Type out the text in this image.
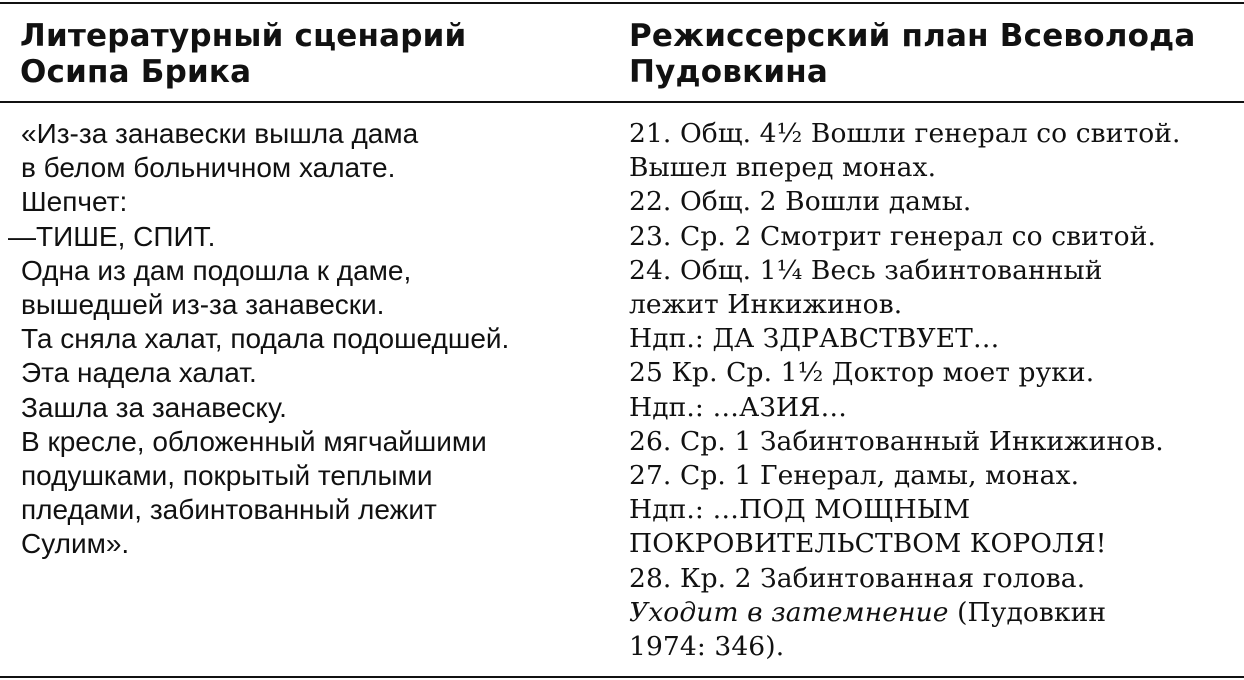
Литературный сценарий
Осипа Брика
Режиссерский план Всеволода
Пудовкина
«Из-за занавески вышла дама
в белом больничном халате.
Шепчет:
—ТИШЕ, СПИТ.
Одна из дам подошла к даме,
вышедшей из-за занавески.
Та сняла халат, подала подошедшей.
Эта надела халат.
Зашла за занавеску.
В кресле, обложенный мягчайшими
подушками, покрытый теплыми
пледами, забинтованный лежит
Сулим».
21. Общ. 4½ Вошли генерал со свитой.
Вышел вперед монах.
22. Общ. 2 Вошли дамы.
23. Ср. 2 Смотрит генерал со свитой.
24. Общ. 1¼ Весь забинтованный
лежит Инкижинов.
Ндп.: ДА ЗДРАВСТВУЕТ…
25 Кр. Ср. 1½ Доктор моет руки.
Ндп.: …АЗИЯ…
26. Ср. 1 Забинтованный Инкижинов.
27. Ср. 1 Генерал, дамы, монах.
Ндп.: …ПОД МОЩНЫМ
ПОКРОВИТЕЛЬСТВОМ КОРОЛЯ!
28. Кр. 2 Забинтованная голова.
Уходит в затемнение (Пудовкин
1974: 346).
